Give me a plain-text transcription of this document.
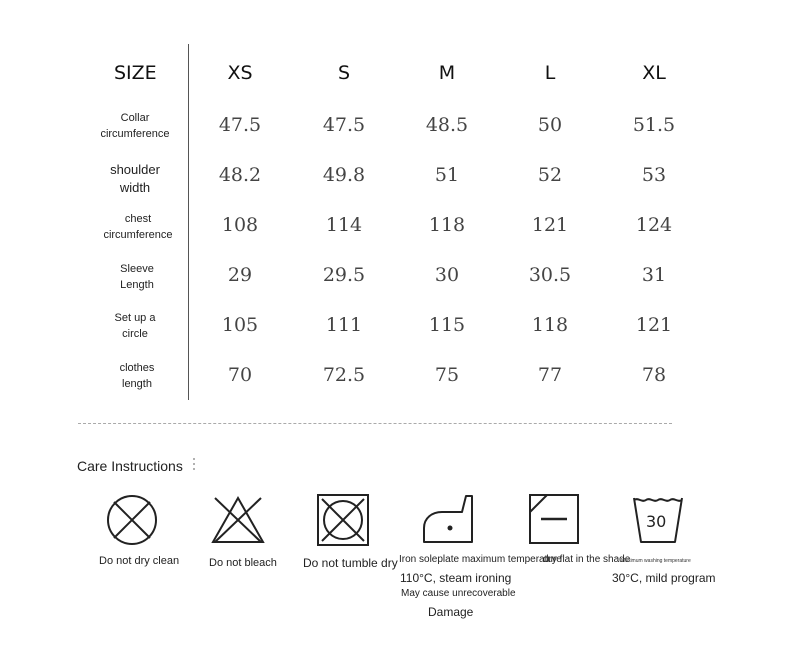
SIZE	XS	S	M	L	XL
Collar
circumference	47.5	47.5	48.5	50	51.5
shoulder
width
48.2	49.8	51	52	53
chest
circumference	108	114	118	121	124
Sleeve
Length	29	29.5	30	30.5	31
Set up a
circle	105	111	115	118	121
clothes
length	70	72.5	75	77	78
Care Instructions
Do not dry clean	Do not bleach Do not tumble dry Iron soleplate maximum temperature
110°C, steam ironing
May cause unrecoverable
Damage
dry flat in the shade
30
Maximum washing temperature
30°C, mild program
